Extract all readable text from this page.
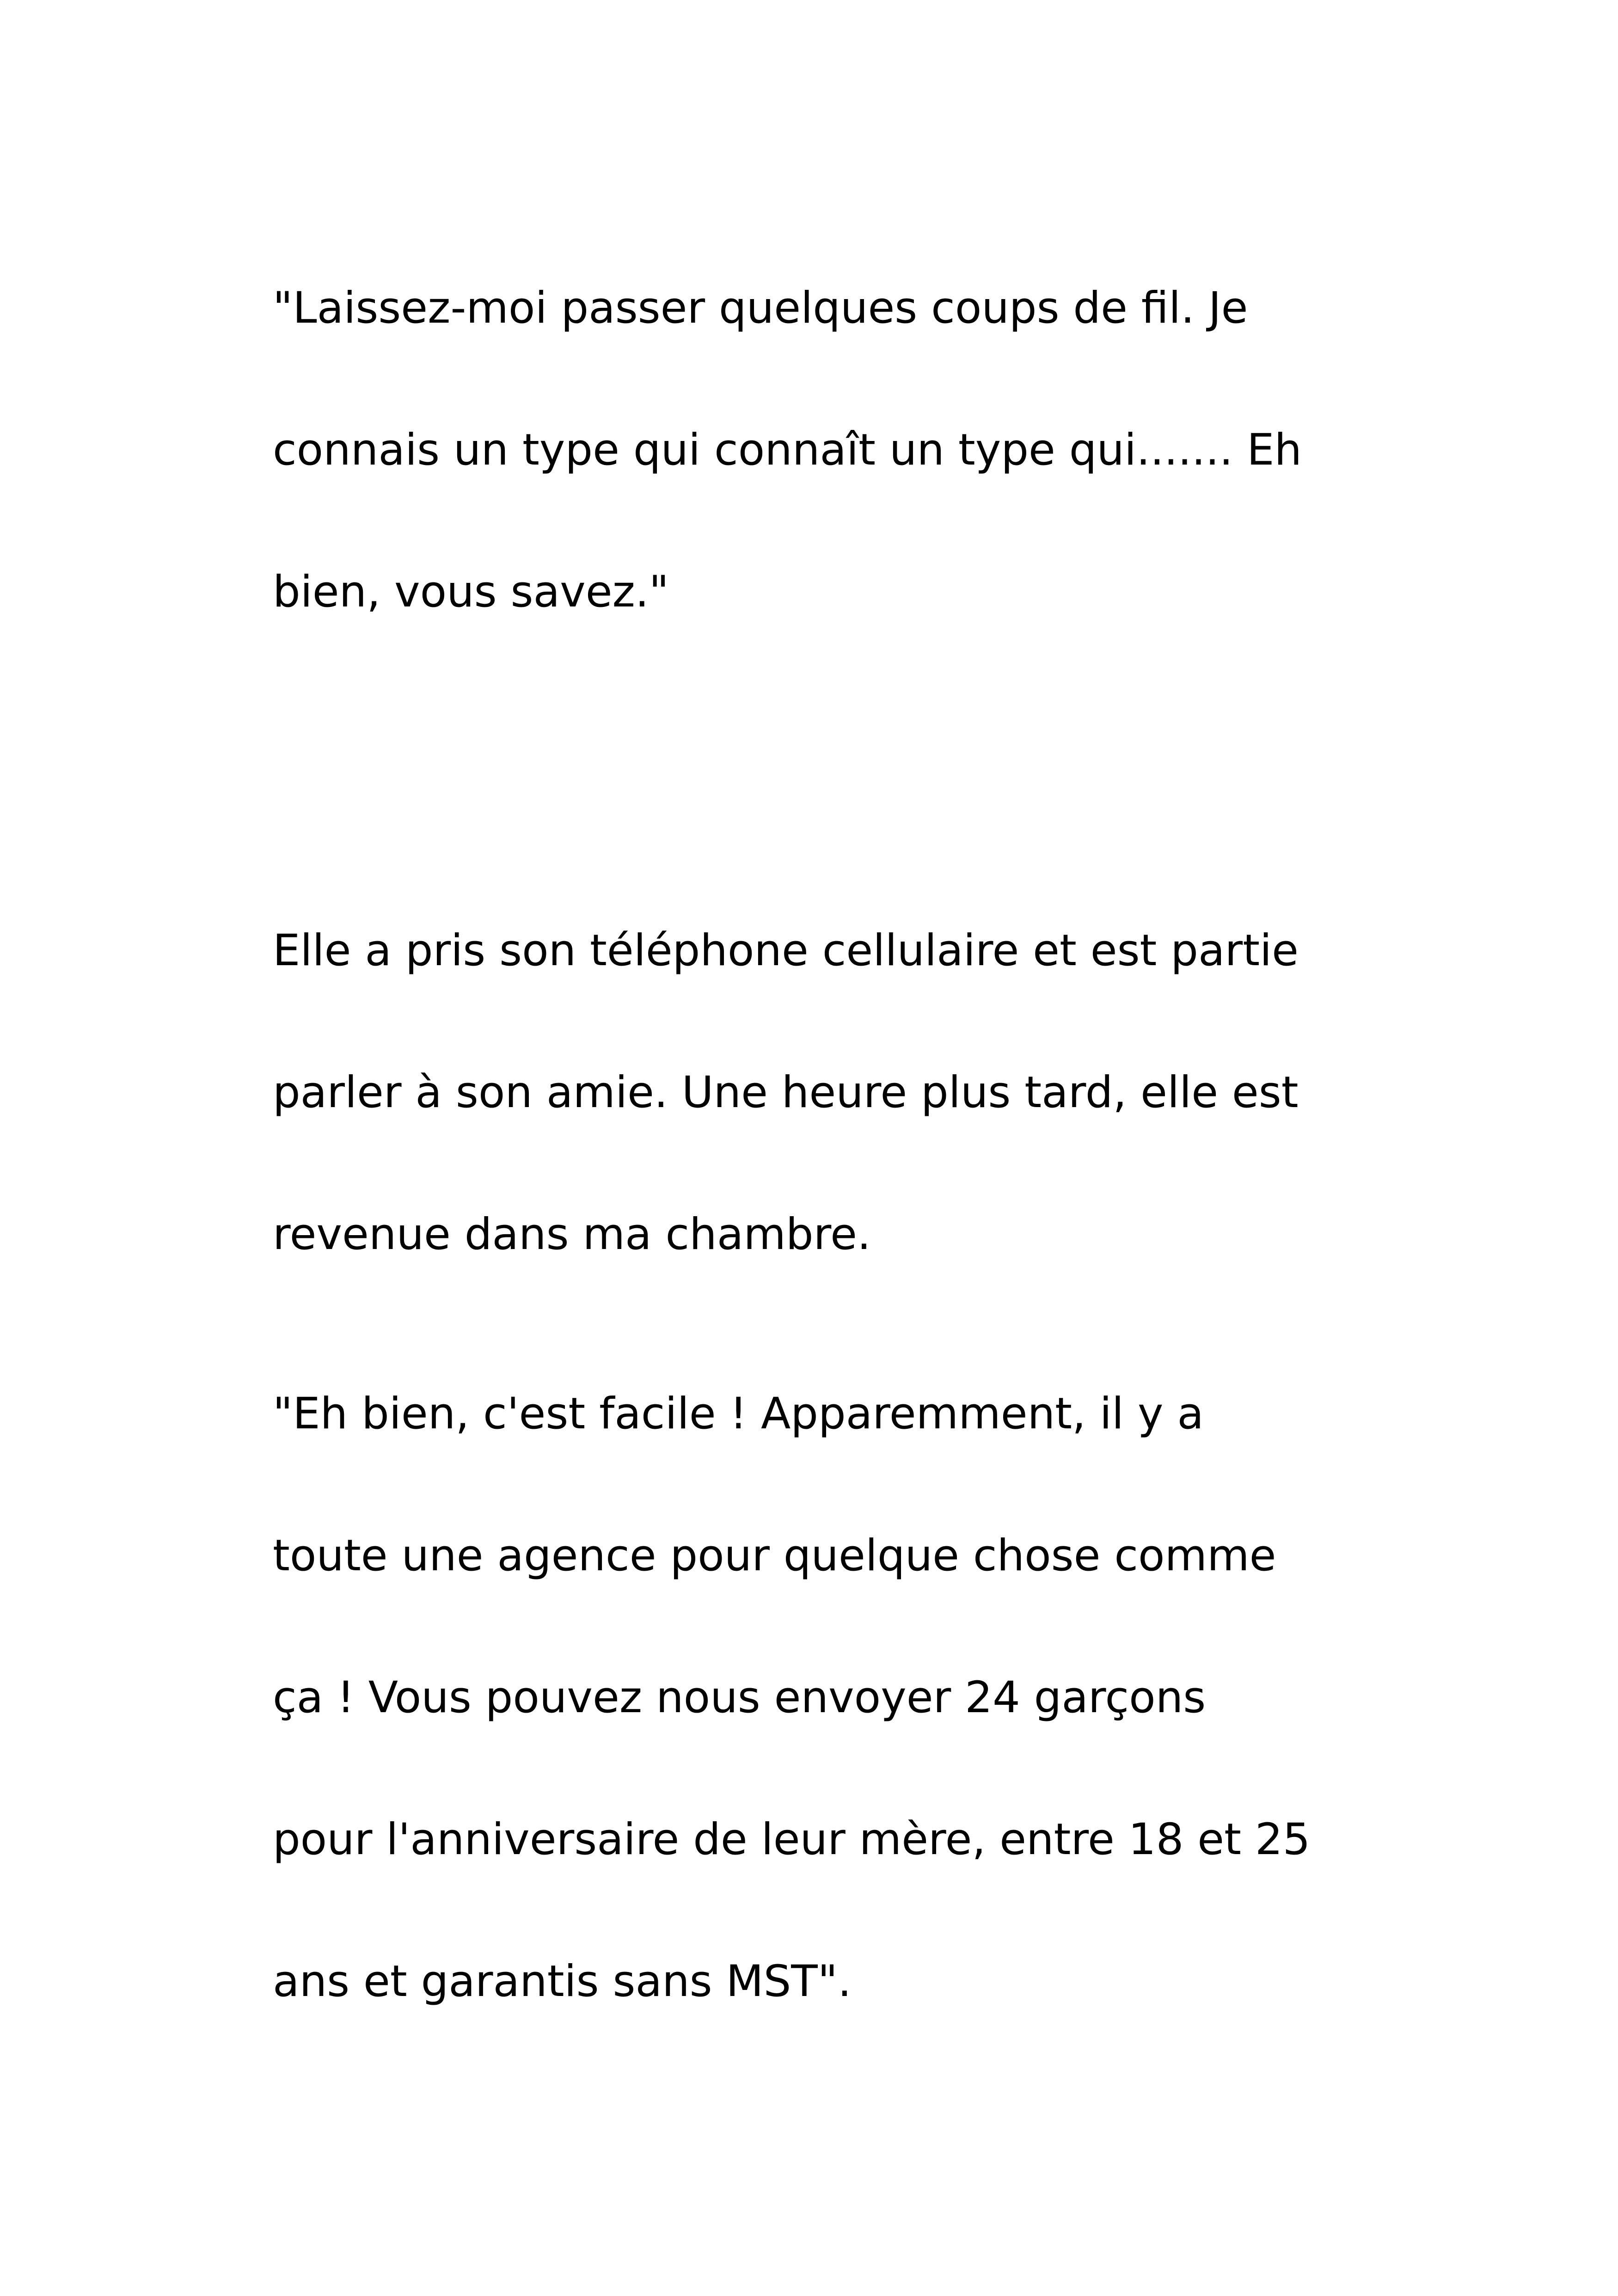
"Laissez-moi passer quelques coups de fil. Je

connais un type qui connaît un type qui....... Eh

bien, vous savez."

Elle a pris son téléphone cellulaire et est partie

parler à son amie. Une heure plus tard, elle est

revenue dans ma chambre.

"Eh bien, c'est facile ! Apparemment, il y a

toute une agence pour quelque chose comme

ça ! Vous pouvez nous envoyer 24 garçons

pour l'anniversaire de leur mère, entre 18 et 25

ans et garantis sans MST".
